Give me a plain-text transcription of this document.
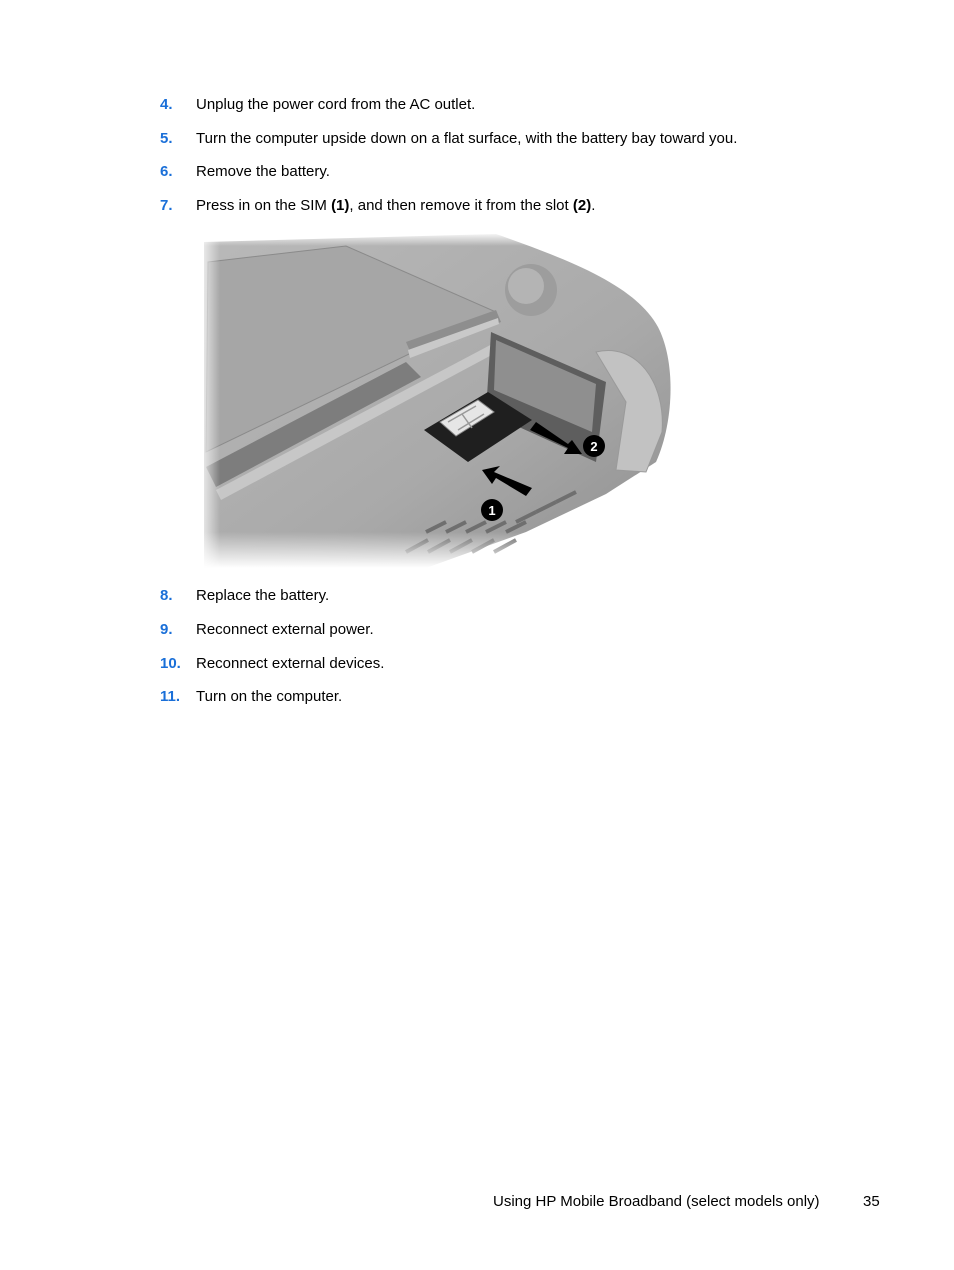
4. Unplug the power cord from the AC outlet.
5. Turn the computer upside down on a flat surface, with the battery bay toward you.
6. Remove the battery.
7. Press in on the SIM (1), and then remove it from the slot (2).
1
2
8. Replace the battery.
9. Reconnect external power.
10. Reconnect external devices.
11. Turn on the computer.
Using HP Mobile Broadband (select models only)	35
